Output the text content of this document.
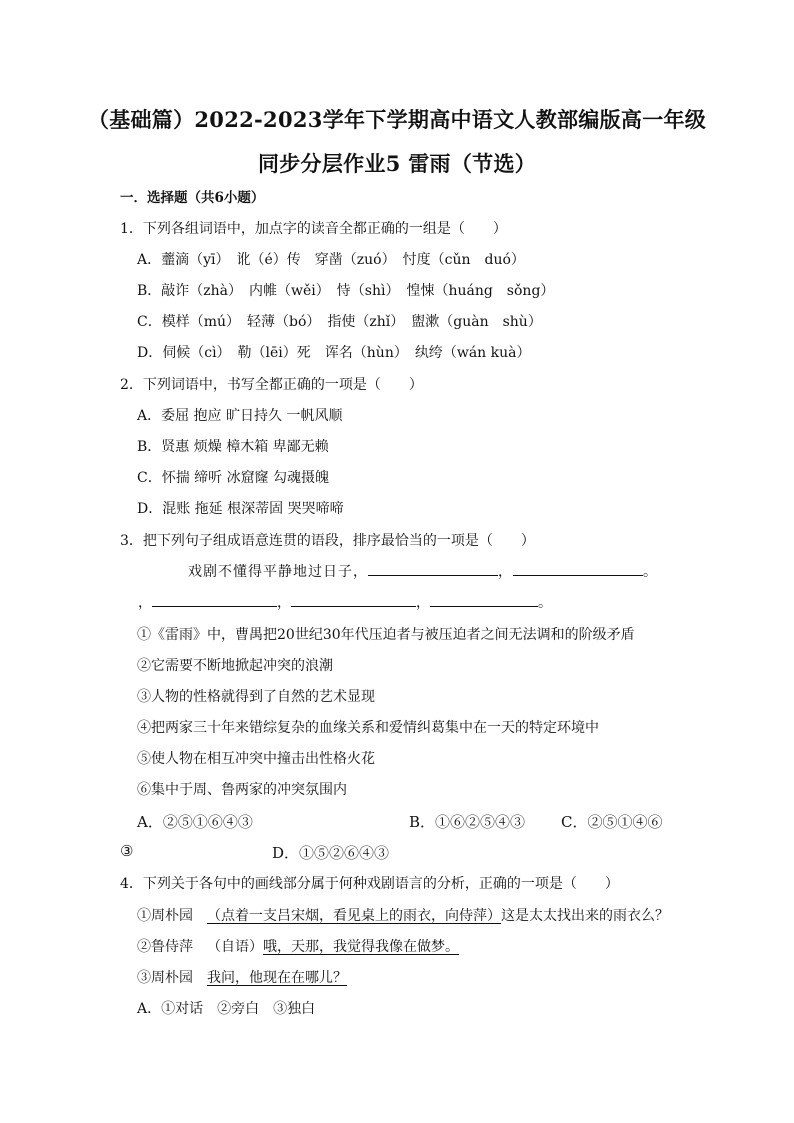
（基础篇）2022-2023学年下学期高中语文人教部编版高一年级
同步分层作业5 雷雨（节选）
一．选择题（共6小题）
1．下列各组词语中，加点字的读音全都正确的一组是（　　）
A．虀滴（yī）　讹（é）传　穿凿（zuó）　忖度（cǔn　duó）
B．敲诈（zhà）　内帷（wěi）　恃（shì）　惶悚（huáng　sǒng）
C．模样（mú）　轻薄（bó）　指使（zhǐ）　盥漱（guàn　shù）
D．伺候（cì）　勒（lēi）死　诨名（hùn）　纨绔（wán kuà）
2．下列词语中，书写全都正确的一项是（　　）
A．委屈 抱应 旷日持久 一帆风顺
B．贤惠 烦燥 樟木箱 卑鄙无赖
C．怀揣 缔听 冰窟窿 勾魂摄魄
D．混账 拖延 根深蒂固 哭哭啼啼
3．把下列句子组成语意连贯的语段，排序最恰当的一项是（　　）
戏剧不懂得平静地过日子，	，	。
，	，	，	。
①《雷雨》中，曹禺把20世纪30年代压迫者与被压迫者之间无法调和的阶级矛盾
②它需要不断地掀起冲突的浪潮
③人物的性格就得到了自然的艺术显现
④把两家三十年来错综复杂的血缘关系和爱情纠葛集中在一天的特定环境中
⑤使人物在相互冲突中撞击出性格火花
⑥集中于周、鲁两家的冲突氛围内
A．②⑤①⑥④③	B．①⑥②⑤④③ C．②⑤①④⑥
③	D．①⑤②⑥④③
4．下列关于各句中的画线部分属于何种戏剧语言的分析，正确的一项是（　　）
①周朴园 （点着一支吕宋烟，看见桌上的雨衣，向侍萍）这是太太找出来的雨衣么？
②鲁侍萍 （自语）哦，天那，我觉得我像在做梦。
③周朴园 我问，他现在在哪儿？
A．①对话　②旁白　③独白
